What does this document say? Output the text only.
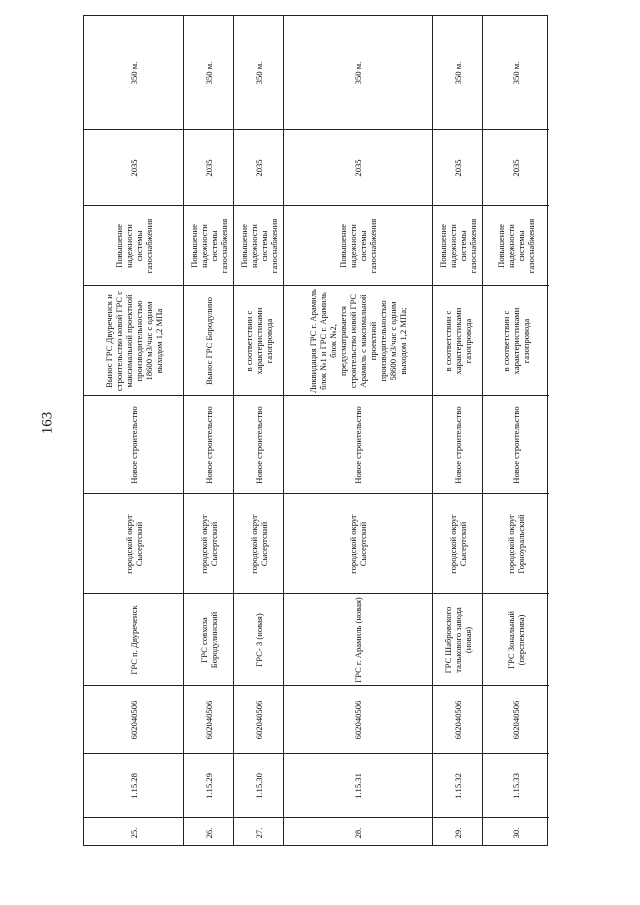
163
350 м.
2035
Повышение надежности системы газоснабжения
Вынос ГРС Двуреченск и строительство новой ГРС с максимальной проектной производительностью 18600 м3/час с одним выходом 1,2 МПа
Новое строительство
городской округ Сысертский
ГРС п. Двуреченск
602040506
1.15.28
25.
350 м.
2035
Повышение надежности системы газоснабжения
Вынос ГРС Бородулино
Новое строительство
городской округ Сысертский
ГРС совхоза Бородулинский
602040506
1.15.29
26.
350 м.
2035
Повышение надежности системы газоснабжения
в соответствии с характеристиками газопровода
Новое строительство
городской округ Сысертский
ГРС- 3 (новая)
602040506
1.15.30
27.
350 м.
2035
Повышение надежности системы газоснабжения
Ликвидация ГРС г. Арамиль блок №1 и ГРС г. Арамиль блок №2, предусматривается строительство новой ГРС Арамиль с максимальной проектной производительностью 58600 м3/час с одним выходом 1,2 МПа;
Новое строительство
городской округ Сысертский
ГРС г. Арамиль (новая)
602040506
1.15.31
28.
350 м.
2035
Повышение надежности системы газоснабжения
в соответствии с характеристиками газопровода
Новое строительство
городской округ Сысертский
ГРС Шабровского талькового завода (новая)
602040506
1.15.32
29.
350 м.
2035
Повышение надежности системы газоснабжения
в соответствии с характеристиками газопровода
Новое строительство
городской округ Горноуральский
ГРС Зональный (перспектива)
602040506
1.15.33
30.
